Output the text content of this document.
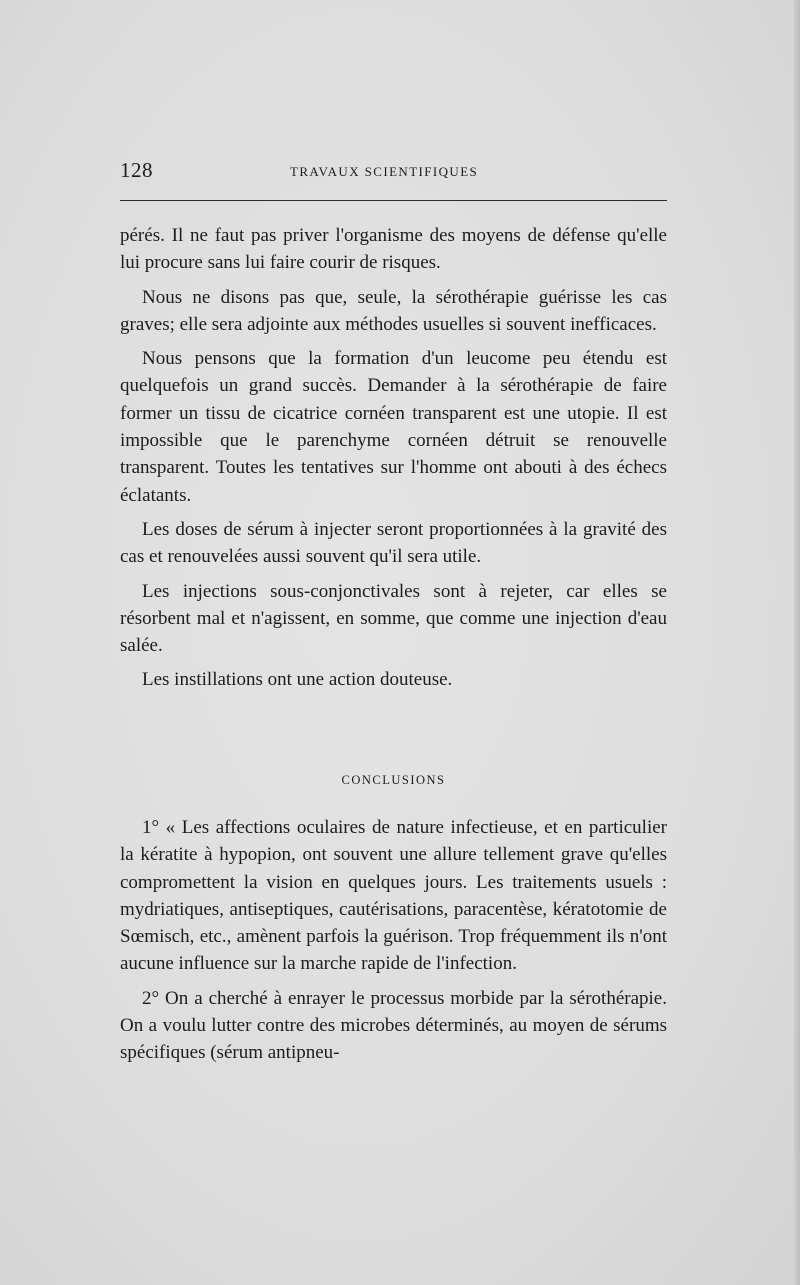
128	TRAVAUX SCIENTIFIQUES

pérés. Il ne faut pas priver l'organisme des moyens de défense qu'elle lui procure sans lui faire courir de risques.

Nous ne disons pas que, seule, la sérothérapie guérisse les cas graves; elle sera adjointe aux méthodes usuelles si souvent inefficaces.

Nous pensons que la formation d'un leucome peu étendu est quelquefois un grand succès. Demander à la sérothérapie de faire former un tissu de cicatrice cornéen transparent est une utopie. Il est impossible que le parenchyme cornéen détruit se renouvelle transparent. Toutes les tentatives sur l'homme ont abouti à des échecs éclatants.

Les doses de sérum à injecter seront proportionnées à la gravité des cas et renouvelées aussi souvent qu'il sera utile.

Les injections sous-conjonctivales sont à rejeter, car elles se résorbent mal et n'agissent, en somme, que comme une injection d'eau salée.

Les instillations ont une action douteuse.

CONCLUSIONS

1° « Les affections oculaires de nature infectieuse, et en particulier la kératite à hypopion, ont souvent une allure tellement grave qu'elles compromettent la vision en quelques jours. Les traitements usuels : mydriatiques, antiseptiques, cautérisations, paracentèse, kératotomie de Sœmisch, etc., amènent parfois la guérison. Trop fréquemment ils n'ont aucune influence sur la marche rapide de l'infection.

2° On a cherché à enrayer le processus morbide par la sérothérapie. On a voulu lutter contre des microbes déterminés, au moyen de sérums spécifiques (sérum antipneu-
